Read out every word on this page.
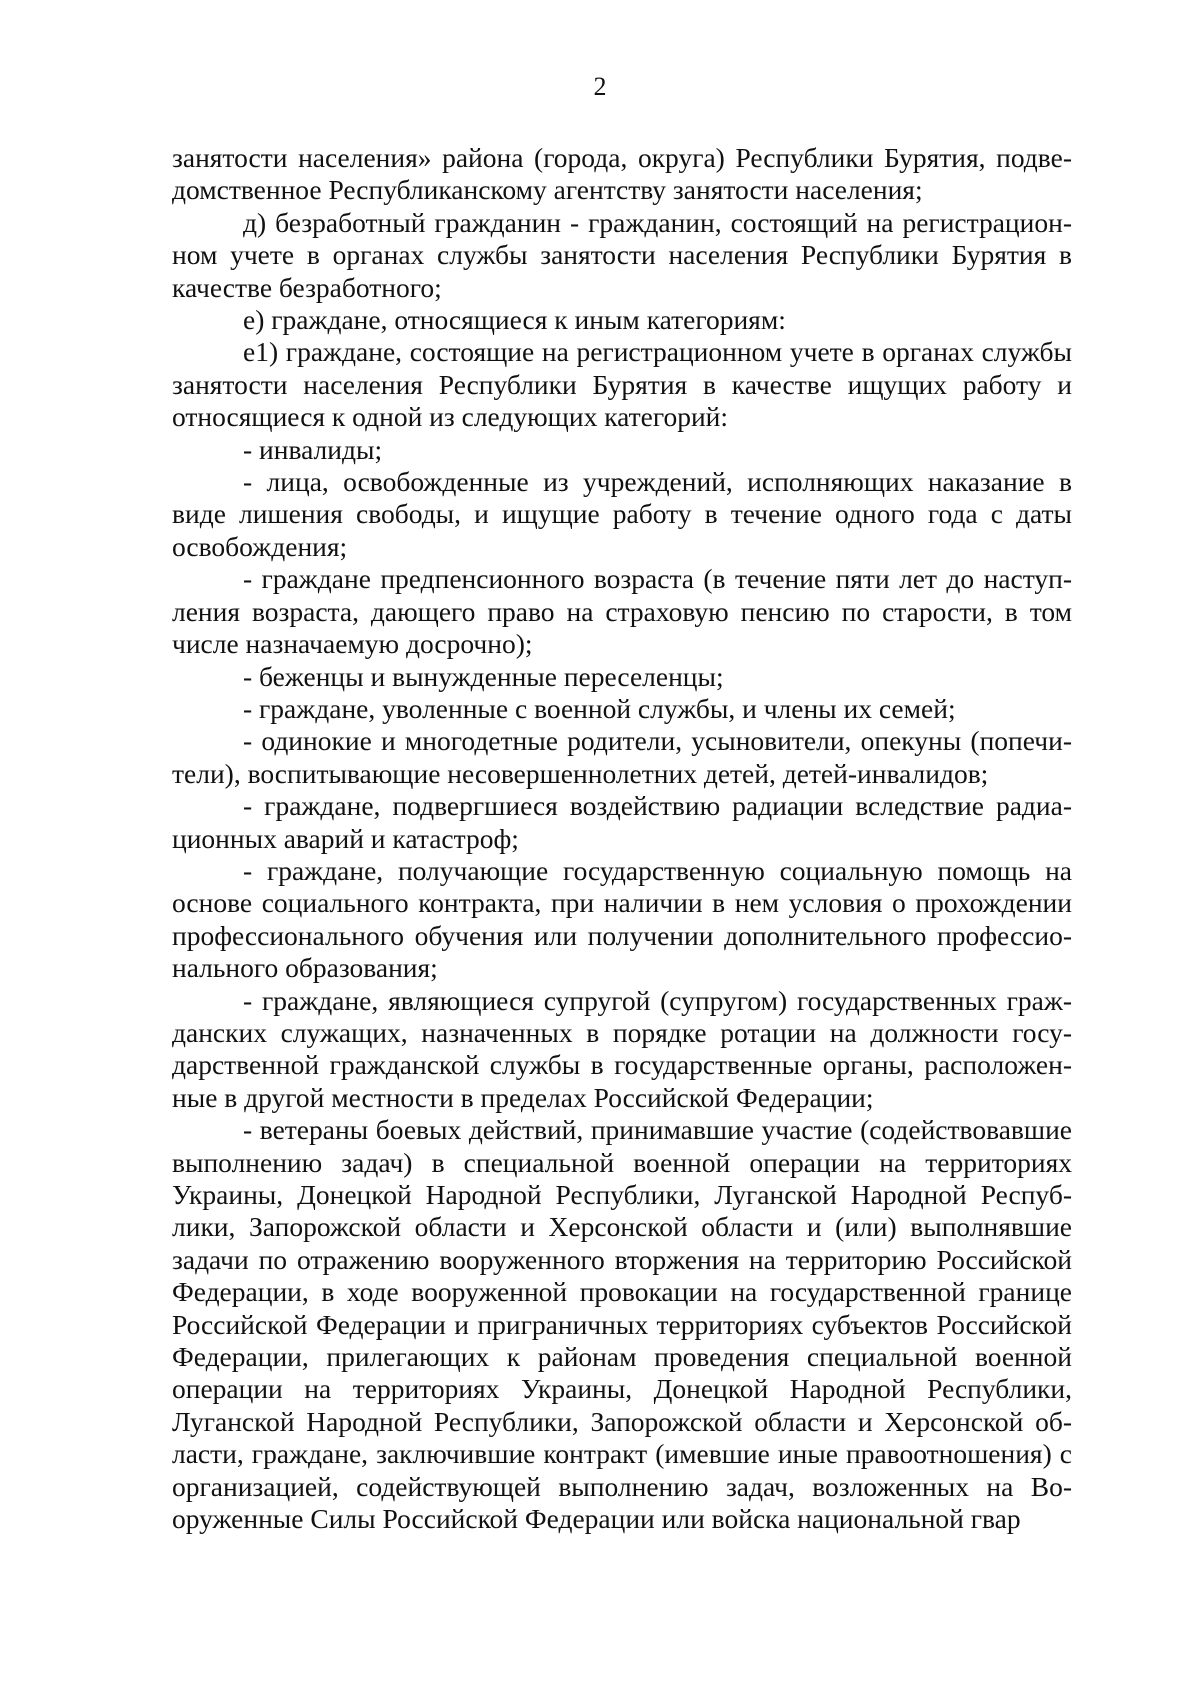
2

занятости населения» района (города, округа) Республики Бурятия, подведомственное Республиканскому агентству занятости населения;

д) безработный гражданин - гражданин, состоящий на регистрационном учете в органах службы занятости населения Республики Бурятия в качестве безработного;

е) граждане, относящиеся к иным категориям:

е1) граждане, состоящие на регистрационном учете в органах службы занятости населения Республики Бурятия в качестве ищущих работу и относящиеся к одной из следующих категорий:

- инвалиды;

- лица, освобожденные из учреждений, исполняющих наказание в виде лишения свободы, и ищущие работу в течение одного года с даты освобождения;

- граждане предпенсионного возраста (в течение пяти лет до наступления возраста, дающего право на страховую пенсию по старости, в том числе назначаемую досрочно);

- беженцы и вынужденные переселенцы;

- граждане, уволенные с военной службы, и члены их семей;

- одинокие и многодетные родители, усыновители, опекуны (попечители), воспитывающие несовершеннолетних детей, детей-инвалидов;

- граждане, подвергшиеся воздействию радиации вследствие радиационных аварий и катастроф;

- граждане, получающие государственную социальную помощь на основе социального контракта, при наличии в нем условия о прохождении профессионального обучения или получении дополнительного профессионального образования;

- граждане, являющиеся супругой (супругом) государственных гражданских служащих, назначенных в порядке ротации на должности государственной гражданской службы в государственные органы, расположенные в другой местности в пределах Российской Федерации;

- ветераны боевых действий, принимавшие участие (содействовавшие выполнению задач) в специальной военной операции на территориях Украины, Донецкой Народной Республики, Луганской Народной Республики, Запорожской области и Херсонской области и (или) выполнявшие задачи по отражению вооруженного вторжения на территорию Российской Федерации, в ходе вооруженной провокации на государственной границе Российской Федерации и приграничных территориях субъектов Российской Федерации, прилегающих к районам проведения специальной военной операции на территориях Украины, Донецкой Народной Республики, Луганской Народной Республики, Запорожской области и Херсонской области, граждане, заключившие контракт (имевшие иные правоотношения) с организацией, содействующей выполнению задач, возложенных на Вооруженные Силы Российской Федерации или войска национальной гвар
